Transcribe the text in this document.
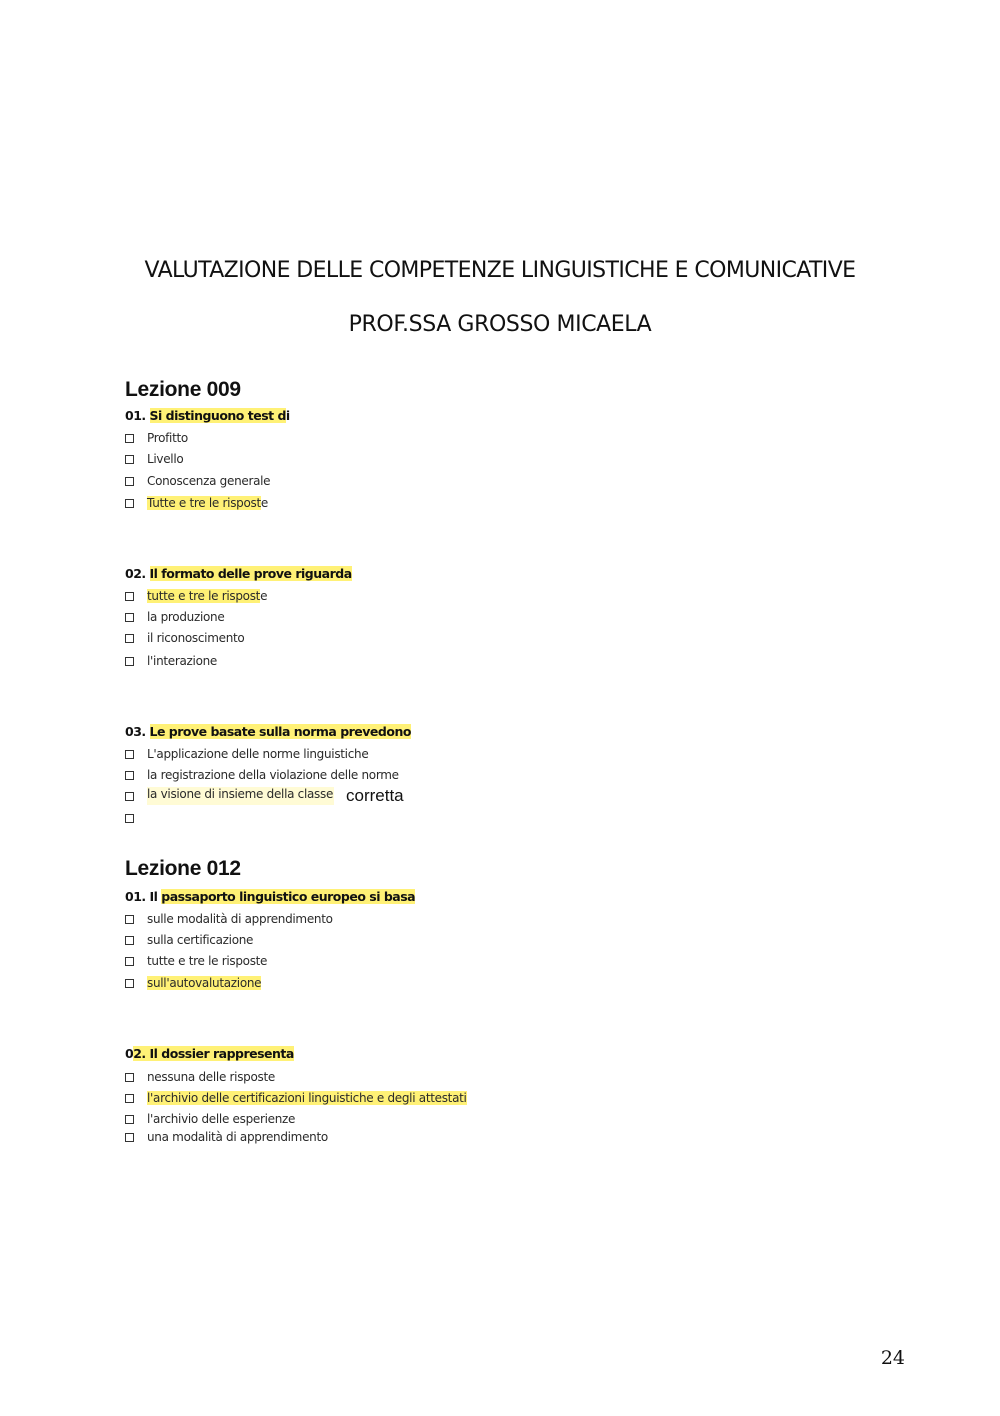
VALUTAZIONE DELLE COMPETENZE LINGUISTICHE E COMUNICATIVE
PROF.SSA GROSSO MICAELA
Lezione 009
01. Si distinguono test di
Profitto
Livello
Conoscenza generale
Tutte e tre le risposte
02. Il formato delle prove riguarda
tutte e tre le risposte
la produzione
il riconoscimento
l'interazione
03. Le prove basate sulla norma prevedono
L'applicazione delle norme linguistiche
la registrazione della violazione delle norme
la visione di insieme della classe corretta
Lezione 012
01. Il passaporto linguistico europeo si basa
sulle modalità di apprendimento
sulla certificazione
tutte e tre le risposte
sull'autovalutazione
02. Il dossier rappresenta
nessuna delle risposte
l'archivio delle certificazioni linguistiche e degli attestati
l'archivio delle esperienze
una modalità di apprendimento
24
